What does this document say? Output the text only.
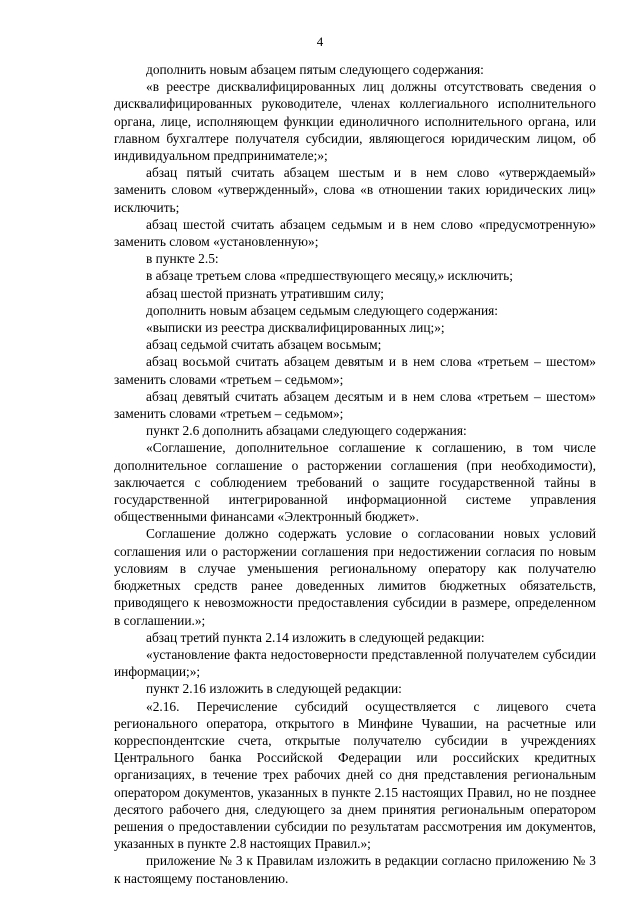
4

дополнить новым абзацем пятым следующего содержания:

«в реестре дисквалифицированных лиц должны отсутствовать сведения о дисквалифицированных руководителе, членах коллегиального исполнительного органа, лице, исполняющем функции единоличного исполнительного органа, или главном бухгалтере получателя субсидии, являющегося юридическим лицом, об индивидуальном предпринимателе;»;

абзац пятый считать абзацем шестым и в нем слово «утверждаемый» заменить словом «утвержденный», слова «в отношении таких юридических лиц» исключить;

абзац шестой считать абзацем седьмым и в нем слово «предусмотренную» заменить словом «установленную»;

в пункте 2.5:

в абзаце третьем слова «предшествующего месяцу,» исключить;

абзац шестой признать утратившим силу;

дополнить новым абзацем седьмым следующего содержания:

«выписки из реестра дисквалифицированных лиц;»;

абзац седьмой считать абзацем восьмым;

абзац восьмой считать абзацем девятым и в нем слова «третьем – шестом» заменить словами «третьем – седьмом»;

абзац девятый считать абзацем десятым и в нем слова «третьем – шестом» заменить словами «третьем – седьмом»;

пункт 2.6 дополнить абзацами следующего содержания:

«Соглашение, дополнительное соглашение к соглашению, в том числе дополнительное соглашение о расторжении соглашения (при необходимости), заключается с соблюдением требований о защите государственной тайны в государственной интегрированной информационной системе управления общественными финансами «Электронный бюджет».

Соглашение должно содержать условие о согласовании новых условий соглашения или о расторжении соглашения при недостижении согласия по новым условиям в случае уменьшения региональному оператору как получателю бюджетных средств ранее доведенных лимитов бюджетных обязательств, приводящего к невозможности предоставления субсидии в размере, определенном в соглашении.»;

абзац третий пункта 2.14 изложить в следующей редакции:

«установление факта недостоверности представленной получателем субсидии информации;»;

пункт 2.16 изложить в следующей редакции:

«2.16. Перечисление субсидий осуществляется с лицевого счета регионального оператора, открытого в Минфине Чувашии, на расчетные или корреспондентские счета, открытые получателю субсидии в учреждениях Центрального банка Российской Федерации или российских кредитных организациях, в течение трех рабочих дней со дня представления региональным оператором документов, указанных в пункте 2.15 настоящих Правил, но не позднее десятого рабочего дня, следующего за днем принятия региональным оператором решения о предоставлении субсидии по результатам рассмотрения им документов, указанных в пункте 2.8 настоящих Правил.»;

приложение № 3 к Правилам изложить в редакции согласно приложению № 3 к настоящему постановлению.
